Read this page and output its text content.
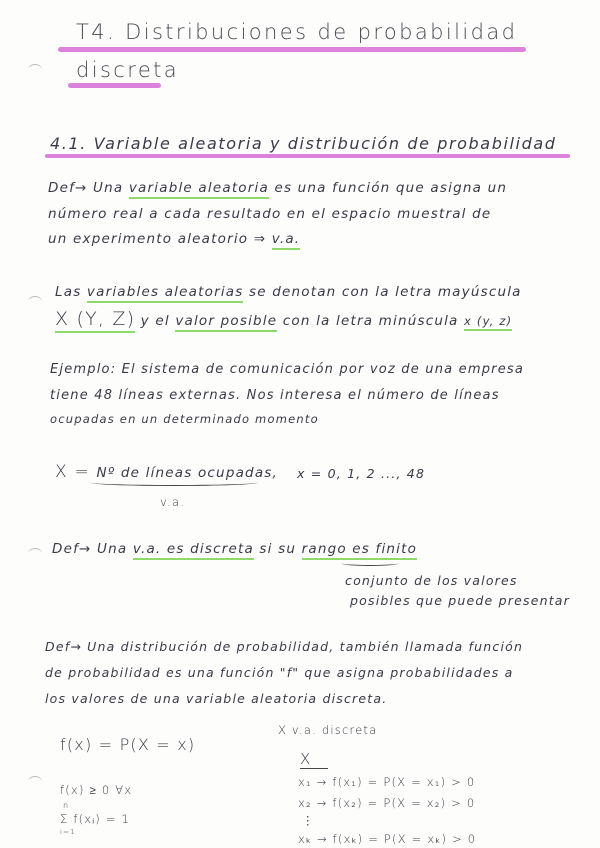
T4. Distribuciones de probabilidad
discreta
4.1. Variable aleatoria y distribución de probabilidad
Def→ Una variable aleatoria es una función que asigna un
número real a cada resultado en el espacio muestral de
un experimento aleatorio ⇒ v.a.
Las variables aleatorias se denotan con la letra mayúscula
X (Y, Z) y el valor posible con la letra minúscula x (y, z)
Ejemplo: El sistema de comunicación por voz de una empresa
tiene 48 líneas externas. Nos interesa el número de líneas
ocupadas en un determinado momento
X = Nº de líneas ocupadas, x = 0, 1, 2 ..., 48
v.a.
Def→ Una v.a. es discreta si su rango es finito
conjunto de los valores
posibles que puede presentar
Def→ Una distribución de probabilidad, también llamada función
de probabilidad es una función "f" que asigna probabilidades a
los valores de una variable aleatoria discreta.
f(x) = P(X = x)
f(x) ≥ 0 ∀x
n
Σ f(xᵢ) = 1
i=1
X v.a. discreta
X
x₁ → f(x₁) = P(X = x₁) > 0
x₂ → f(x₂) = P(X = x₂) > 0
⋮
xₖ → f(xₖ) = P(X = xₖ) > 0
